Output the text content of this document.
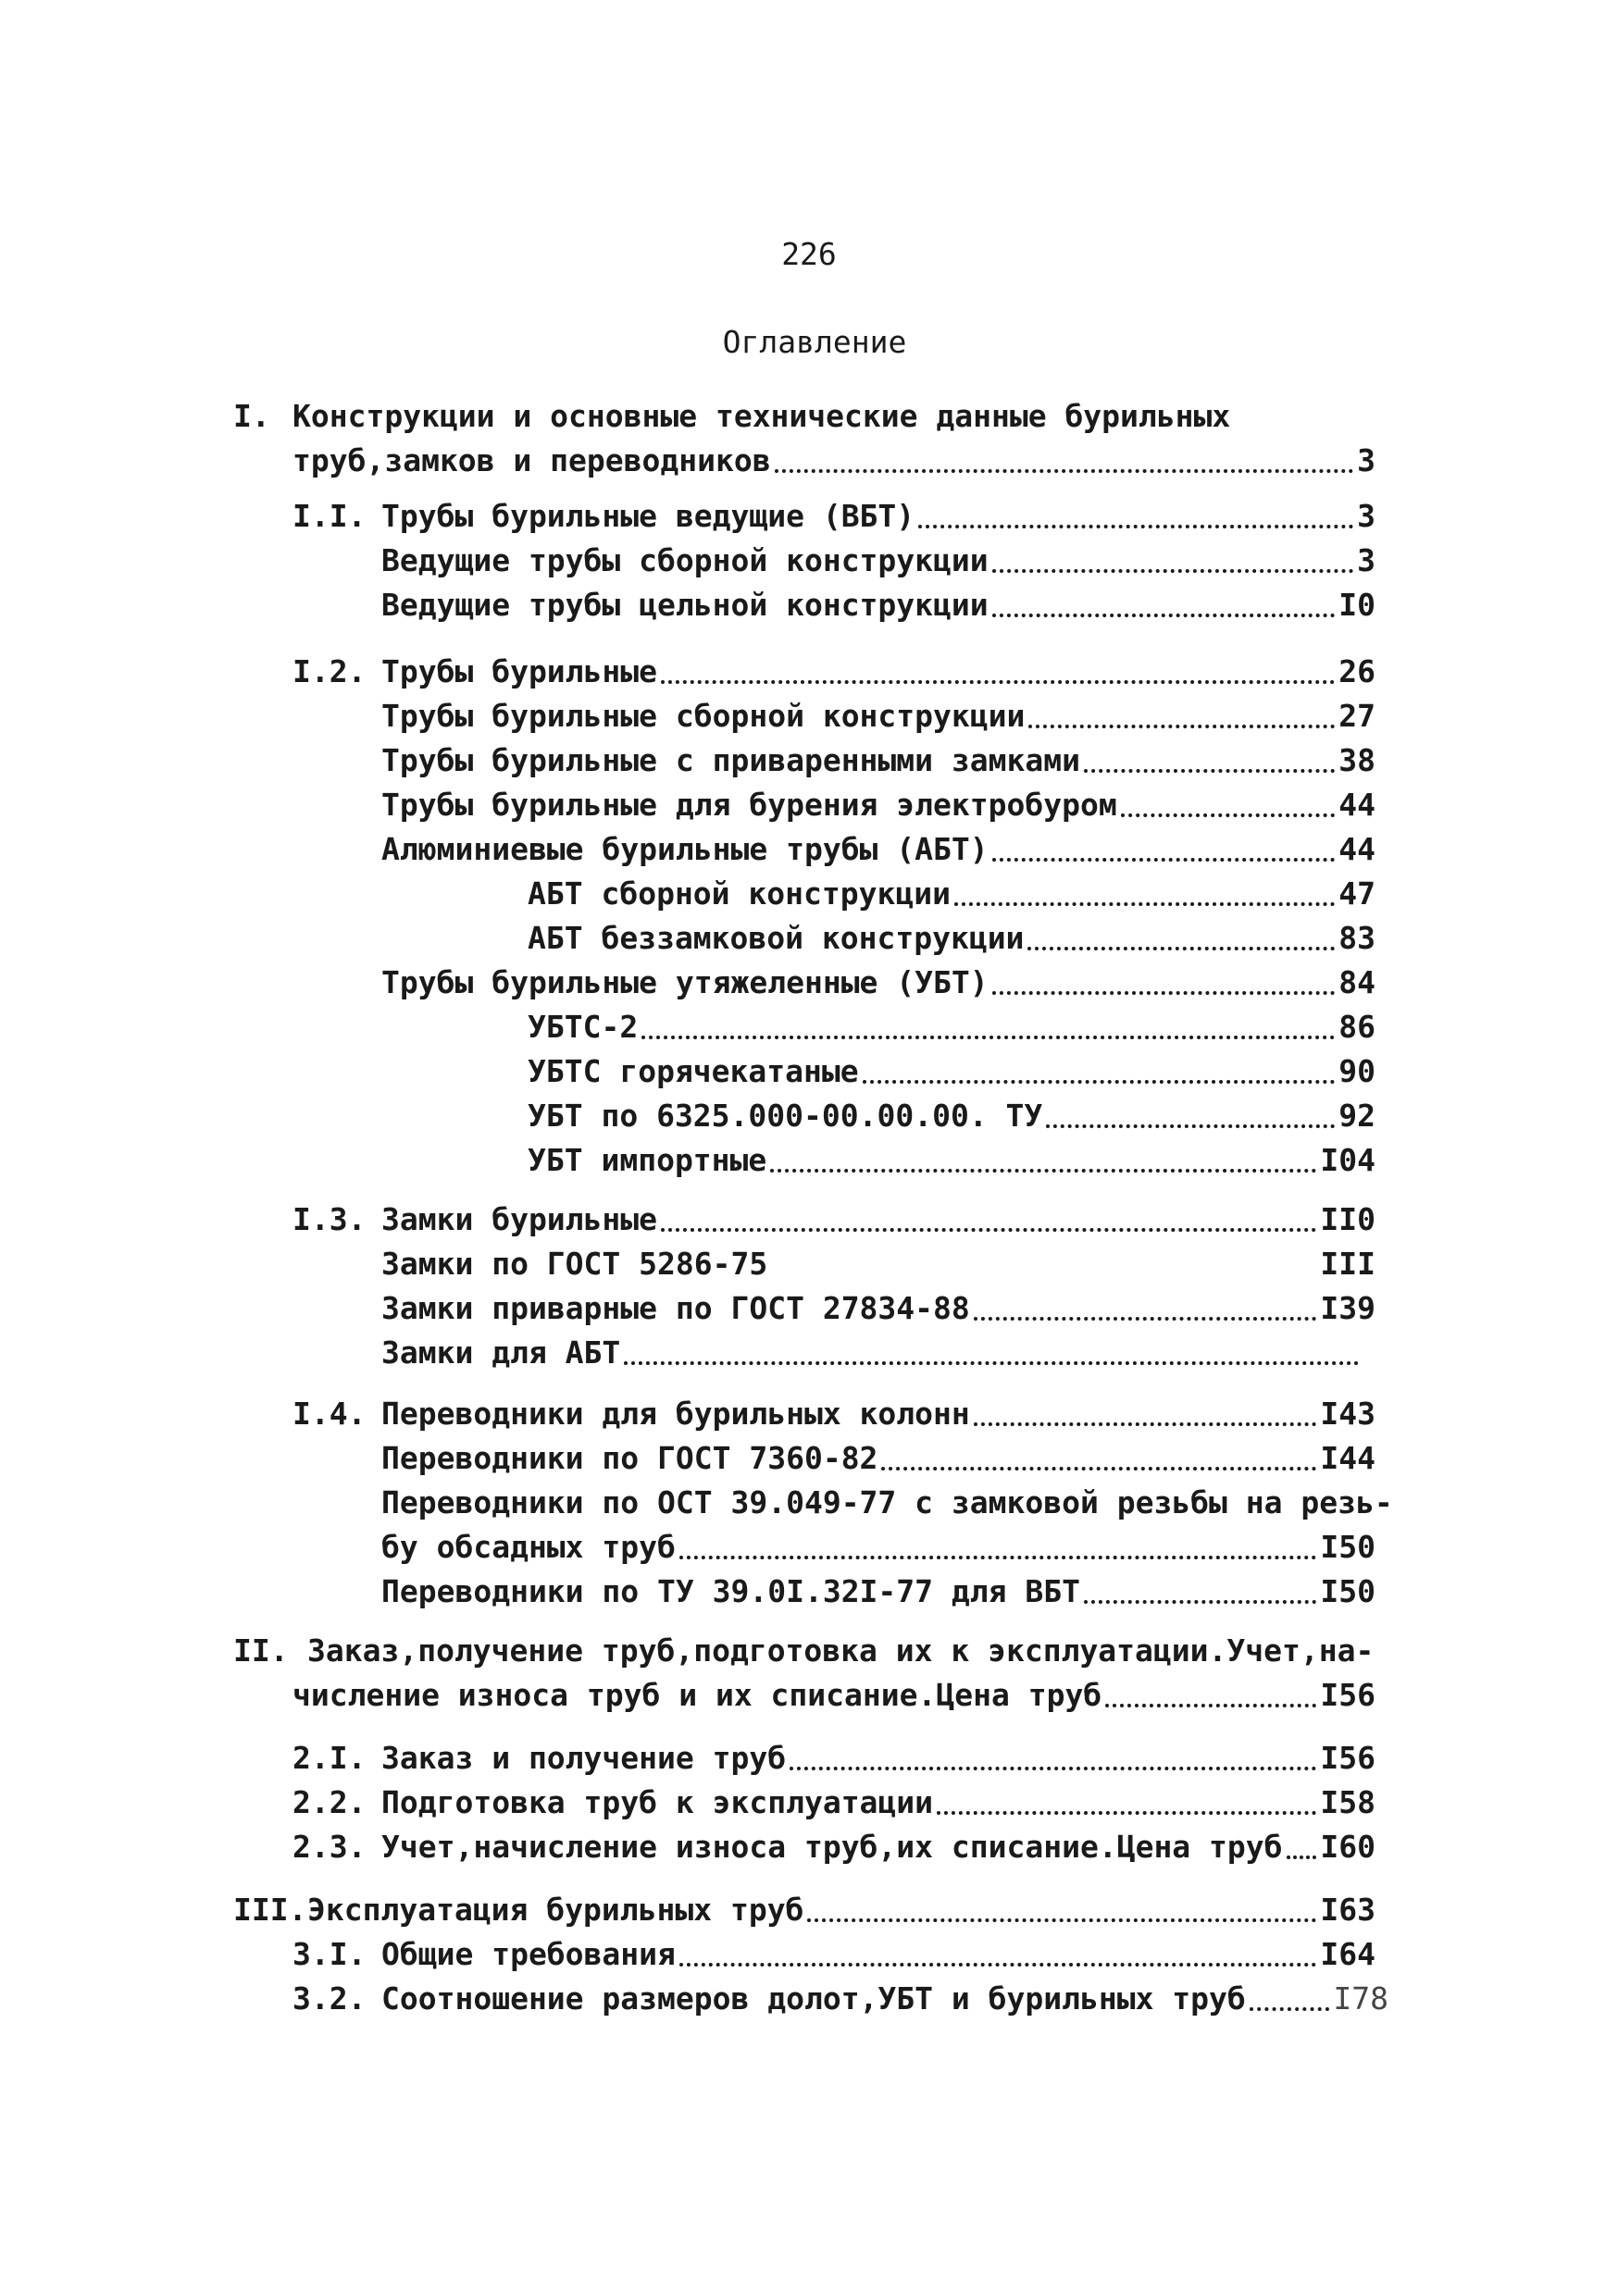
226
Оглавление
I. Конструкции и основные технические данные бурильных
труб,замков и переводников	3
I.I. Трубы бурильные ведущие (ВБТ)	3
Ведущие трубы сборной конструкции	3
Ведущие трубы цельной конструкции	I0
I.2. Трубы бурильные	26
Трубы бурильные сборной конструкции	27
Трубы бурильные с приваренными замками	38
Трубы бурильные для бурения электробуром	44
Алюминиевые бурильные трубы (АБТ)	44
АБТ сборной конструкции	47
АБТ беззамковой конструкции	83
Трубы бурильные утяжеленные (УБТ)	84
УБТС-2	86
УБТС горячекатаные	90
УБТ по 6325.000-00.00.00. ТУ	92
УБТ импортные	I04
I.3. Замки бурильные	II0
Замки по ГОСТ 5286-75	III
Замки приварные по ГОСТ 27834-88	I39
Замки для АБТ
I.4. Переводники для бурильных колонн	I43
Переводники по ГОСТ 7360-82	I44
Переводники по ОСТ 39.049-77 с замковой резьбы на резь-
бу обсадных труб	I50
Переводники по ТУ 39.0I.32I-77 для ВБТ	I50
II. Заказ,получение труб,подготовка их к эксплуатации.Учет,на-
числение износа труб и их списание.Цена труб	I56
2.I. Заказ и получение труб	I56
2.2. Подготовка труб к эксплуатации	I58
2.3. Учет,начисление износа труб,их списание.Цена труб I60
III. Эксплуатация бурильных труб	I63
3.I. Общие требования	I64
3.2. Соотношение размеров долот,УБТ и бурильных труб	I78
